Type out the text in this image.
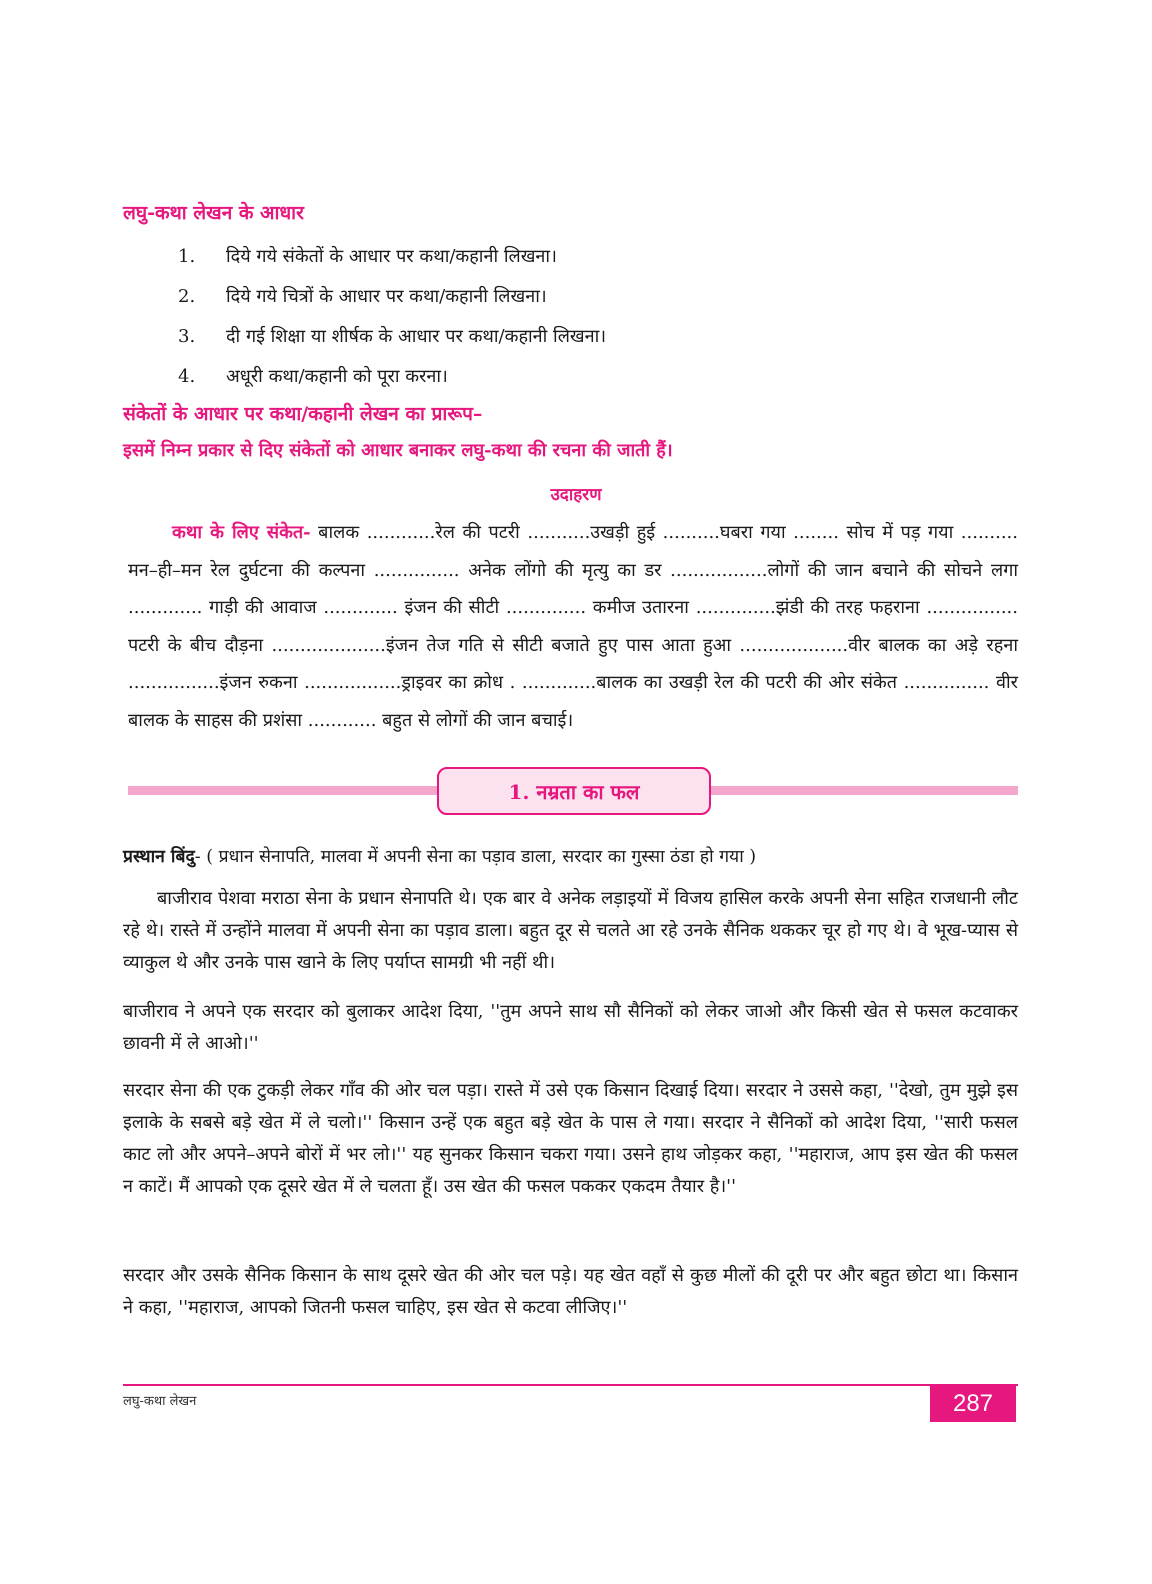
लघु-कथा लेखन के आधार
1.	दिये गये संकेतों के आधार पर कथा/कहानी लिखना।
2.	दिये गये चित्रों के आधार पर कथा/कहानी लिखना।
3.	दी गई शिक्षा या शीर्षक के आधार पर कथा/कहानी लिखना।
4.	अधूरी कथा/कहानी को पूरा करना।
संकेतों के आधार पर कथा/कहानी लेखन का प्रारूप–
इसमें निम्न प्रकार से दिए संकेतों को आधार बनाकर लघु-कथा की रचना की जाती हैं।
उदाहरण
कथा के लिए संकेत- बालक ............रेल की पटरी ...........उखड़ी हुई ..........घबरा गया ........ सोच में पड़ गया .......... मन–ही–मन रेल दुर्घटना की कल्पना ............... अनेक लोंगो की मृत्यु का डर .................लोगों की जान बचाने की सोचने लगा ............. गाड़ी की आवाज ............. इंजन की सीटी .............. कमीज उतारना ..............झंडी की तरह फहराना ................ पटरी के बीच दौड़ना ....................इंजन तेज गति से सीटी बजाते हुए पास आता हुआ ...................वीर बालक का अड़े रहना ................इंजन रुकना .................ड्राइवर का क्रोध . .............बालक का उखड़ी रेल की पटरी की ओर संकेत ............... वीर बालक के साहस की प्रशंसा ............ बहुत से लोगों की जान बचाई।
1. नम्रता का फल
प्रस्थान बिंदु- ( प्रधान सेनापति, मालवा में अपनी सेना का पड़ाव डाला, सरदार का गुस्सा ठंडा हो गया )
बाजीराव पेशवा मराठा सेना के प्रधान सेनापति थे। एक बार वे अनेक लड़ाइयों में विजय हासिल करके अपनी सेना सहित राजधानी लौट रहे थे। रास्ते में उन्होंने मालवा में अपनी सेना का पड़ाव डाला। बहुत दूर से चलते आ रहे उनके सैनिक थककर चूर हो गए थे। वे भूख-प्यास से व्याकुल थे और उनके पास खाने के लिए पर्याप्त सामग्री भी नहीं थी।
बाजीराव ने अपने एक सरदार को बुलाकर आदेश दिया, ''तुम अपने साथ सौ सैनिकों को लेकर जाओ और किसी खेत से फसल कटवाकर छावनी में ले आओ।''
सरदार सेना की एक टुकड़ी लेकर गाँव की ओर चल पड़ा। रास्ते में उसे एक किसान दिखाई दिया। सरदार ने उससे कहा, ''देखो, तुम मुझे इस इलाके के सबसे बड़े खेत में ले चलो।'' किसान उन्हें एक बहुत बड़े खेत के पास ले गया। सरदार ने सैनिकों को आदेश दिया, ''सारी फसल काट लो और अपने–अपने बोरों में भर लो।'' यह सुनकर किसान चकरा गया। उसने हाथ जोड़कर कहा, ''महाराज, आप इस खेत की फसल न काटें। मैं आपको एक दूसरे खेत में ले चलता हूँ। उस खेत की फसल पककर एकदम तैयार है।''
सरदार और उसके सैनिक किसान के साथ दूसरे खेत की ओर चल पड़े। यह खेत वहाँ से कुछ मीलों की दूरी पर और बहुत छोटा था। किसान ने कहा, ''महाराज, आपको जितनी फसल चाहिए, इस खेत से कटवा लीजिए।''
लघु-कथा लेखन	287
